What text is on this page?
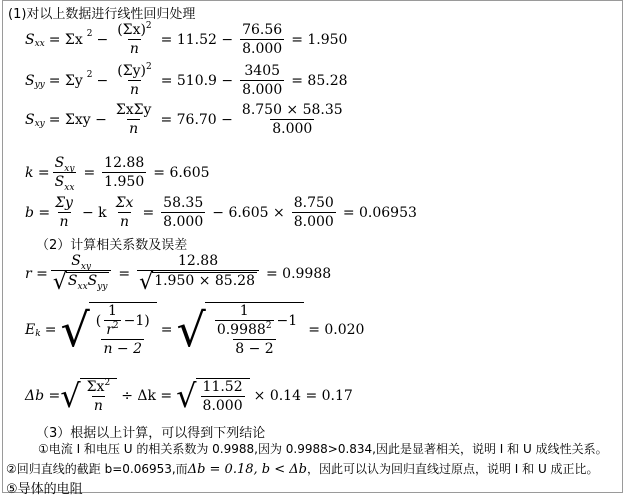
(1)对以上数据进行线性回归处理
S xx = Σx $2 - \frac{(\Sigma x)^2}{n} = 11.52 - \frac{76.56}{8.000} = 1.950$
S yy = Σy $2 - \frac{(\Sigma y)^2}{n} = 510.9 - \frac{3405}{8.000} = 85.28$
S xy = $\Sigma xy - \frac{\text{ΣxΣy}}{n} = 76.70 - \frac{8.750 \times 58.35}{8.000}$
$k = \frac{S_{xy}}{S_{xx}} = \frac{12.88}{1.950} = 6.605$
$b = \frac{\Sigma y}{n} - k \frac{\Sigma x}{n} = \frac{58.35}{8.000} - 6.605 \times \frac{8.750}{8.000} = 0.06953$
（2）计算相关系数及误差
$r = \frac{S_{xy}}{√ S_{xx}S_{yy}} = \frac{12.88}{√ 1.950 \times 85.28} = 0.9988$
E k = √ $\frac{( \frac{1}{r^2} -1)}{n - 2}$ = √ $\frac{\frac{1}{0.9988^2} -1}{8 - 2} = 0.020$
Δb = √ $\frac{\Sigma x^2}{n} \div \Delta k$ = √ $\frac{11.52}{8.000} \times 0.14 = 0.17$
（3）根据以上计算，可以得到下列结论
①电流 I 和电压 U 的相关系数为 0.9988,因为 0.9988>0.834,因此是显著相关，说明 I 和 U 成线性关系。
②回归直线的截距 b=0.06953,而Δb = 0.18, b < Δb，因此可以认为回归直线过原点，说明 I 和 U 成正比。
⑤导体的电阻
